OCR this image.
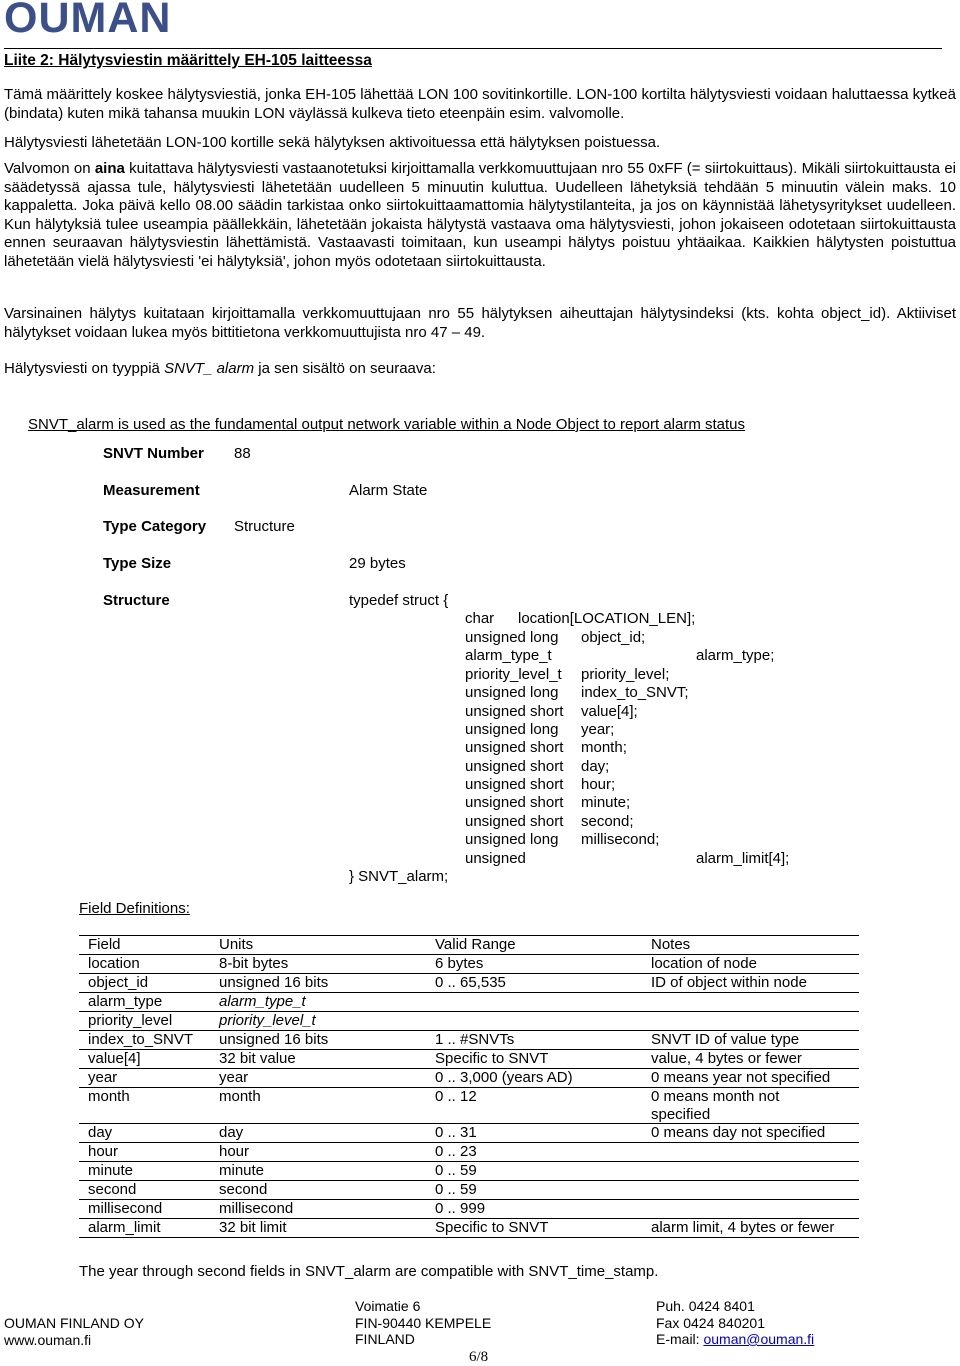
OUMAN
Liite 2: Hälytysviestin määrittely EH-105 laitteessa

Tämä määrittely koskee hälytysviestiä, jonka EH-105 lähettää LON 100 sovitinkortille. LON-100 kortilta hälytysviesti voidaan haluttaessa kytkeä (bindata) kuten mikä tahansa muukin LON väylässä kulkeva tieto eteenpäin esim. valvomolle.

Hälytysviesti lähetetään LON-100 kortille sekä hälytyksen aktivoituessa että hälytyksen poistuessa.

Valvomon on aina kuitattava hälytysviesti vastaanotetuksi kirjoittamalla verkkomuuttujaan nro 55 0xFF (= siirtokuittaus). Mikäli siirtokuittausta ei säädetyssä ajassa tule, hälytysviesti lähetetään uudelleen 5 minuutin kuluttua. Uudelleen lähetyksiä tehdään 5 minuutin välein maks. 10 kappaletta. Joka päivä kello 08.00 säädin tarkistaa onko siirtokuittaamattomia hälytystilanteita, ja jos on käynnistää lähetysyritykset uudelleen. Kun hälytyksiä tulee useampia päällekkäin, lähetetään jokaista hälytystä vastaava oma hälytysviesti, johon jokaiseen odotetaan siirtokuittausta ennen seuraavan hälytysviestin lähettämistä. Vastaavasti toimitaan, kun useampi hälytys poistuu yhtäaikaa. Kaikkien hälytysten poistuttua lähetetään vielä hälytysviesti 'ei hälytyksiä', johon myös odotetaan siirtokuittausta.

Varsinainen hälytys kuitataan kirjoittamalla verkkomuuttujaan nro 55 hälytyksen aiheuttajan hälytysindeksi (kts. kohta object_id). Aktiiviset hälytykset voidaan lukea myös bittitietona verkkomuuttujista nro 47 – 49.

Hälytysviesti on tyyppiä SNVT_ alarm ja sen sisältö on seuraava:

SNVT_alarm is used as the fundamental output network variable within a Node Object to report alarm status
SNVT Number 88
Measurement	Alarm State
Type Category Structure
Type Size	29 bytes
Structure	typedef struct {
char location[LOCATION_LEN];
unsigned long object_id;
alarm_type_t	alarm_type;
priority_level_t priority_level;
unsigned long index_to_SNVT;
unsigned short value[4];
unsigned long year;
unsigned short month;
unsigned short day;
unsigned short hour;
unsigned short minute;
unsigned short second;
unsigned long millisecond;
unsigned	alarm_limit[4];
} SNVT_alarm;
Field Definitions:
Field	Units	Valid Range	Notes
location	8-bit bytes	6 bytes	location of node
object_id	unsigned 16 bits	0 .. 65,535	ID of object within node
alarm_type	alarm_type_t		
priority_level	priority_level_t		
index_to_SNVT	unsigned 16 bits	1 .. #SNVTs	SNVT ID of value type
value[4]	32 bit value	Specific to SNVT	value, 4 bytes or fewer
year	year	0 .. 3,000 (years AD)	0 means year not specified
month	month	0 .. 12	0 means month not specified
day	day	0 .. 31	0 means day not specified
hour	hour	0 .. 23	
minute	minute	0 .. 59	
second	second	0 .. 59	
millisecond	millisecond	0 .. 999	
alarm_limit	32 bit limit	Specific to SNVT	alarm limit, 4 bytes or fewer
The year through second fields in SNVT_alarm are compatible with SNVT_time_stamp.
OUMAN FINLAND OY
www.ouman.fi
Voimatie 6
FIN-90440 KEMPELE
FINLAND
Puh. 0424 8401
Fax 0424 840201
E-mail: ouman@ouman.fi
6/8
